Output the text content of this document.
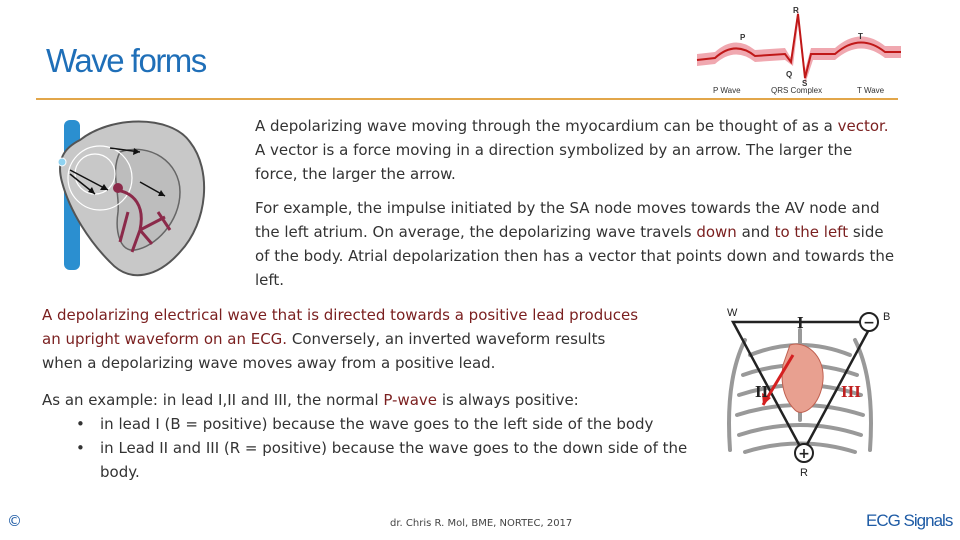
Wave forms
R
P	T
Q
S
P Wave	QRS Complex	T Wave
A depolarizing wave moving through the myocardium can be thought of as a vector. A vector is a force moving in a direction symbolized by an arrow. The larger the force, the larger the arrow.
For example, the impulse initiated by the SA node moves towards the AV node and the left atrium. On average, the depolarizing wave travels down and to the left side of the body. Atrial depolarization then has a vector that points down and towards the left.
A depolarizing electrical wave that is directed towards a positive lead produces an upright waveform on an ECG. Conversely, an inverted waveform results when a depolarizing wave moves away from a positive lead.
As an example: in lead I,II and III, the normal P-wave is always positive:
• in lead I (B = positive) because the wave goes to the left side of the body
• in Lead II and III (R = positive) because the wave goes to the down side of the body.
−
+
W	B
R
I
II	III
©	dr. Chris R. Mol, BME, NORTEC, 2017	ECG Signals
